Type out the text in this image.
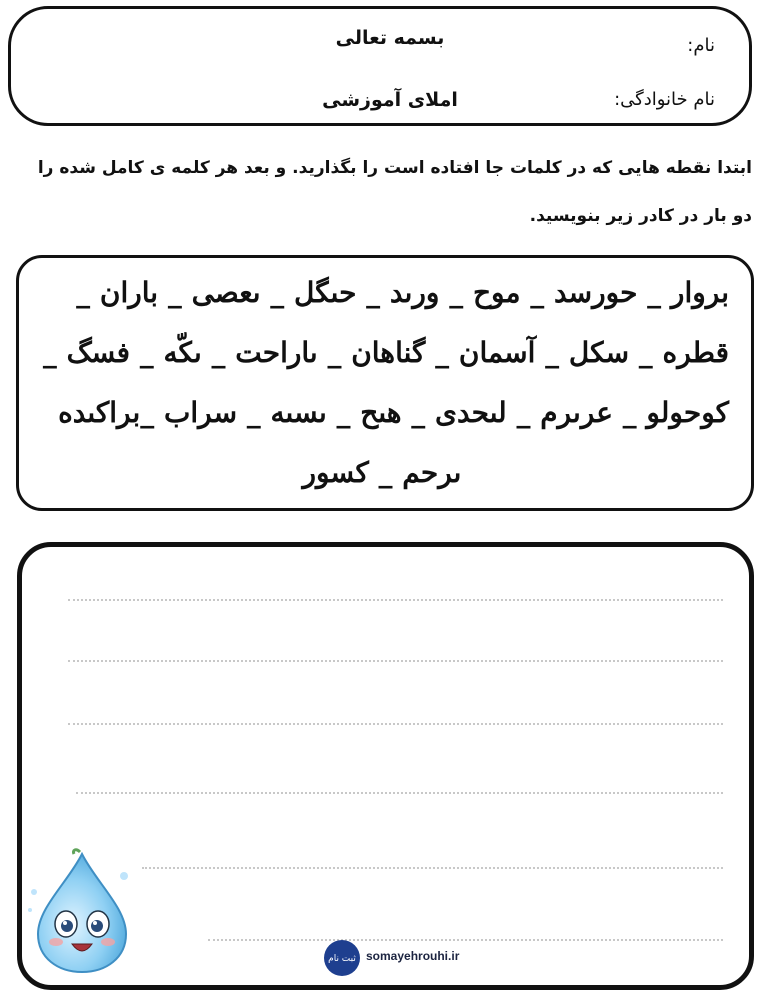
بسمه تعالی
املای آموزشی
نام:
نام خانوادگی:
ابتدا نقطه هایی که در کلمات جا افتاده است را بگذارید. و بعد هر کلمه ی کامل شده را
دو بار در کادر زیر بنویسید.
بروار _ حورسد _ موح _ ورىد _ حىگل _ ىعصى _ باران _
قطره _ سكل _ آسمان _ گناهان _ ىاراحت _ ىكّه _ فسگ _
كوحولو _ عرىرم _ لىحدى _ هىح _ ىسىه _ سراب _براكىده
ىرحم _ كسور
ثبت نام somayehrouhi.ir
